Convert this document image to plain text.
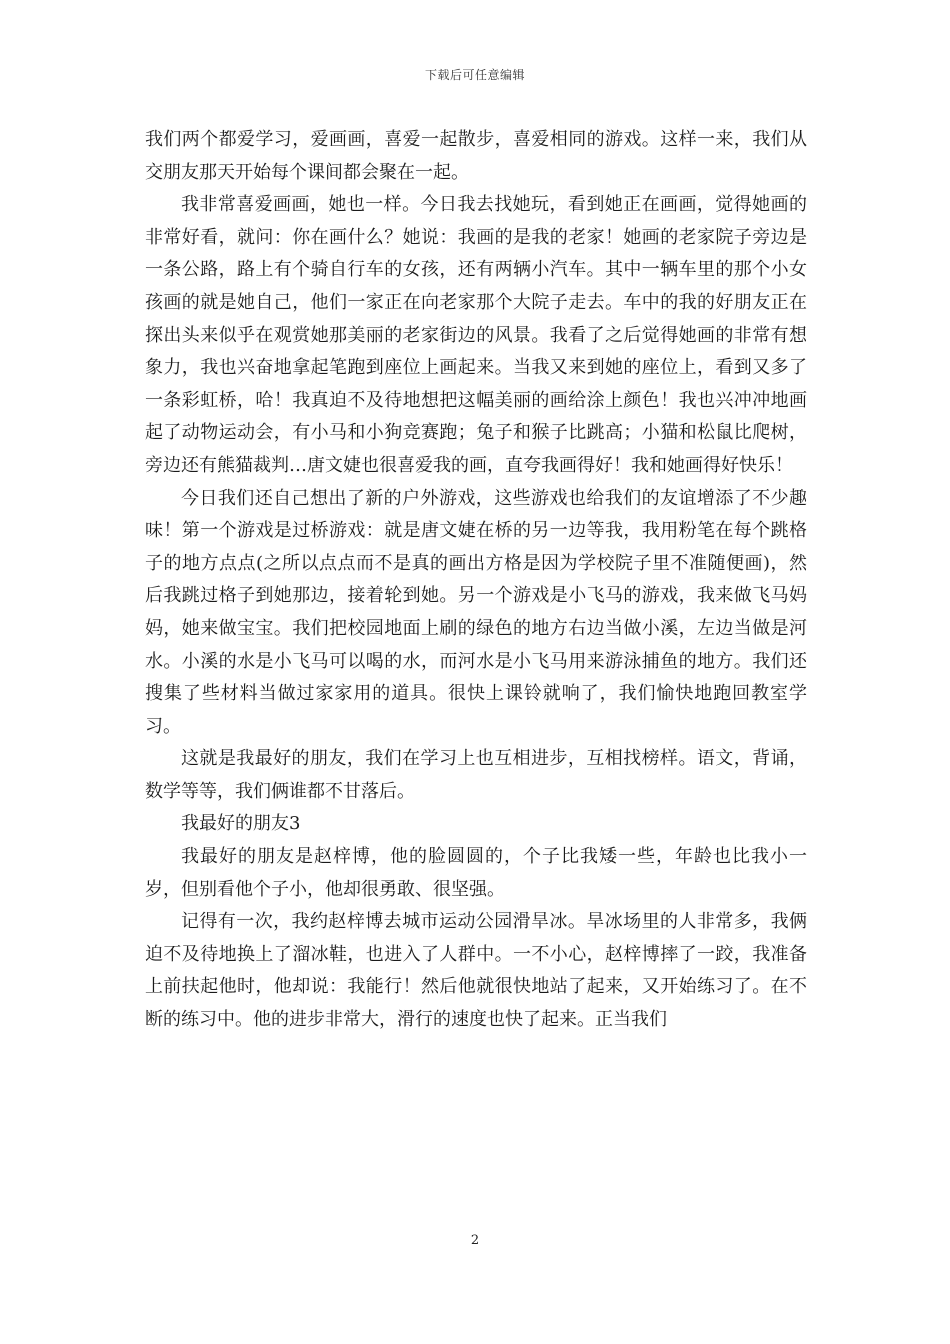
下载后可任意编辑

我们两个都爱学习，爱画画，喜爱一起散步，喜爱相同的游戏。这样一来，我们从交朋友那天开始每个课间都会聚在一起。

我非常喜爱画画，她也一样。今日我去找她玩，看到她正在画画，觉得她画的非常好看，就问：你在画什么？她说：我画的是我的老家！她画的老家院子旁边是一条公路，路上有个骑自行车的女孩，还有两辆小汽车。其中一辆车里的那个小女孩画的就是她自己，他们一家正在向老家那个大院子走去。车中的我的好朋友正在探出头来似乎在观赏她那美丽的老家街边的风景。我看了之后觉得她画的非常有想象力，我也兴奋地拿起笔跑到座位上画起来。当我又来到她的座位上，看到又多了一条彩虹桥，哈！我真迫不及待地想把这幅美丽的画给涂上颜色！我也兴冲冲地画起了动物运动会，有小马和小狗竞赛跑；兔子和猴子比跳高；小猫和松鼠比爬树，旁边还有熊猫裁判…唐文婕也很喜爱我的画，直夸我画得好！我和她画得好快乐！

今日我们还自己想出了新的户外游戏，这些游戏也给我们的友谊增添了不少趣味！第一个游戏是过桥游戏：就是唐文婕在桥的另一边等我，我用粉笔在每个跳格子的地方点点(之所以点点而不是真的画出方格是因为学校院子里不准随便画)，然后我跳过格子到她那边，接着轮到她。另一个游戏是小飞马的游戏，我来做飞马妈妈，她来做宝宝。我们把校园地面上刷的绿色的地方右边当做小溪，左边当做是河水。小溪的水是小飞马可以喝的水，而河水是小飞马用来游泳捕鱼的地方。我们还搜集了些材料当做过家家用的道具。很快上课铃就响了，我们愉快地跑回教室学习。

这就是我最好的朋友，我们在学习上也互相进步，互相找榜样。语文，背诵，数学等等，我们俩谁都不甘落后。

我最好的朋友3

我最好的朋友是赵梓博，他的脸圆圆的，个子比我矮一些，年龄也比我小一岁，但别看他个子小，他却很勇敢、很坚强。

记得有一次，我约赵梓博去城市运动公园滑旱冰。旱冰场里的人非常多，我俩迫不及待地换上了溜冰鞋，也进入了人群中。一不小心，赵梓博摔了一跤，我准备上前扶起他时，他却说：我能行！然后他就很快地站了起来，又开始练习了。在不断的练习中。他的进步非常大，滑行的速度也快了起来。正当我们

2
